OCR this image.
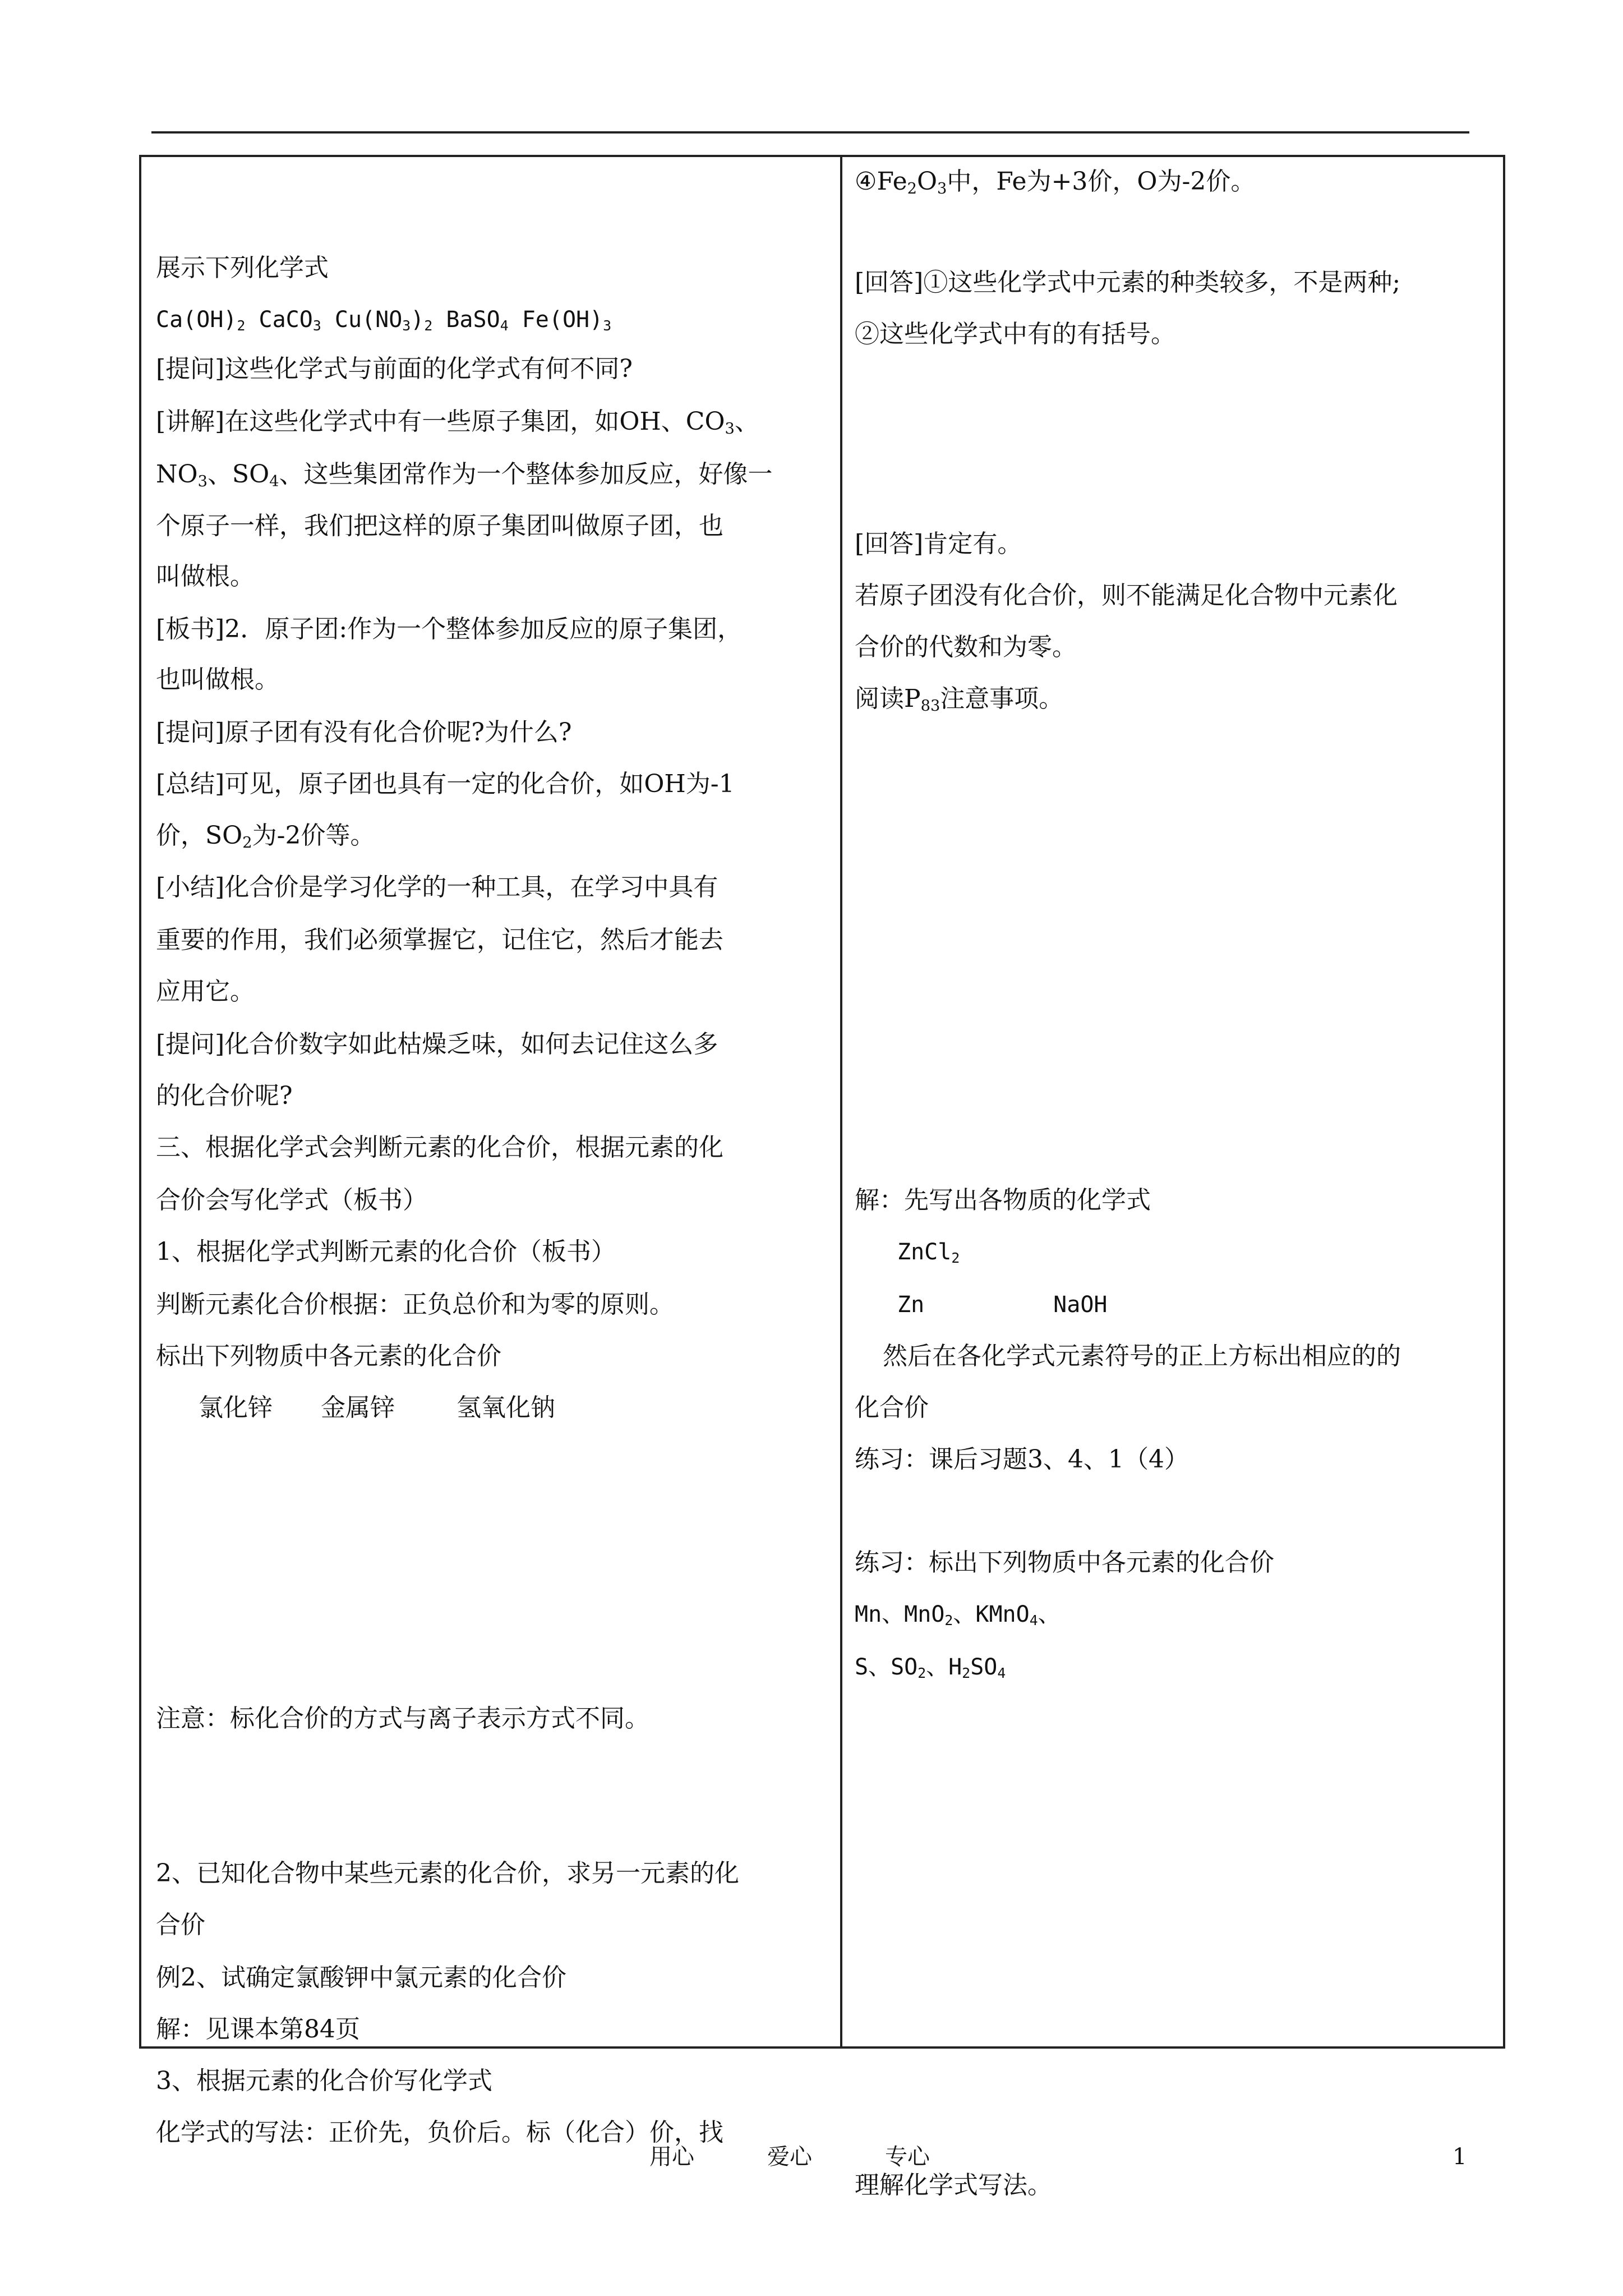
展示下列化学式
$Ca(OH)_2$ CaCO$_3$ $Cu(NO_3)_2$ BaSO$_4$ $Fe(OH)_3$
[提问]这些化学式与前面的化学式有何不同?
[讲解]在这些化学式中有一些原子集团，如OH、$CO_3$、
$NO_3$、$SO_4$、这些集团常作为一个整体参加反应，好像一
个原子一样，我们把这样的原子集团叫做原子团，也
叫做根。
[板书]2．原子团:作为一个整体参加反应的原子集团，
也叫做根。
[提问]原子团有没有化合价呢?为什么?
[总结]可见，原子团也具有一定的化合价，如OH为-1
价，$SO_2$为-2价等。
[小结]化合价是学习化学的一种工具，在学习中具有
重要的作用，我们必须掌握它，记住它，然后才能去
应用它。
[提问]化合价数字如此枯燥乏味，如何去记住这么多
的化合价呢?
三、根据化学式会判断元素的化合价，根据元素的化
合价会写化学式（板书）
1、根据化学式判断元素的化合价（板书）
判断元素化合价根据：正负总价和为零的原则。
标出下列物质中各元素的化合价
氯化锌 金属锌	氢氧化钠
注意：标化合价的方式与离子表示方式不同。
2、已知化合物中某些元素的化合价，求另一元素的化
合价
例2、试确定氯酸钾中氯元素的化合价
解：见课本第84页
3、根据元素的化合价写化学式
化学式的写法：正价先，负价后。标（化合）价，找
$④Fe_2O_3$中，Fe为+3价，O为-2价。
[回答]①这些化学式中元素的种类较多，不是两种;
②这些化学式中有的有括号。
[回答]肯定有。
若原子团没有化合价，则不能满足化合物中元素化
合价的代数和为零。
阅读$P_{83}$注意事项。
解：先写出各物质的化学式
ZnCl$_2$
Zn	NaOH
然后在各化学式元素符号的正上方标出相应的的
化合价
练习：课后习题3、4、1（4）
练习：标出下列物质中各元素的化合价
Mn、MnO$_2$、KMnO$_4$、
S、$SO_2$、$H_2SO_4$
理解化学式写法。
用心	爱心	专心	1
